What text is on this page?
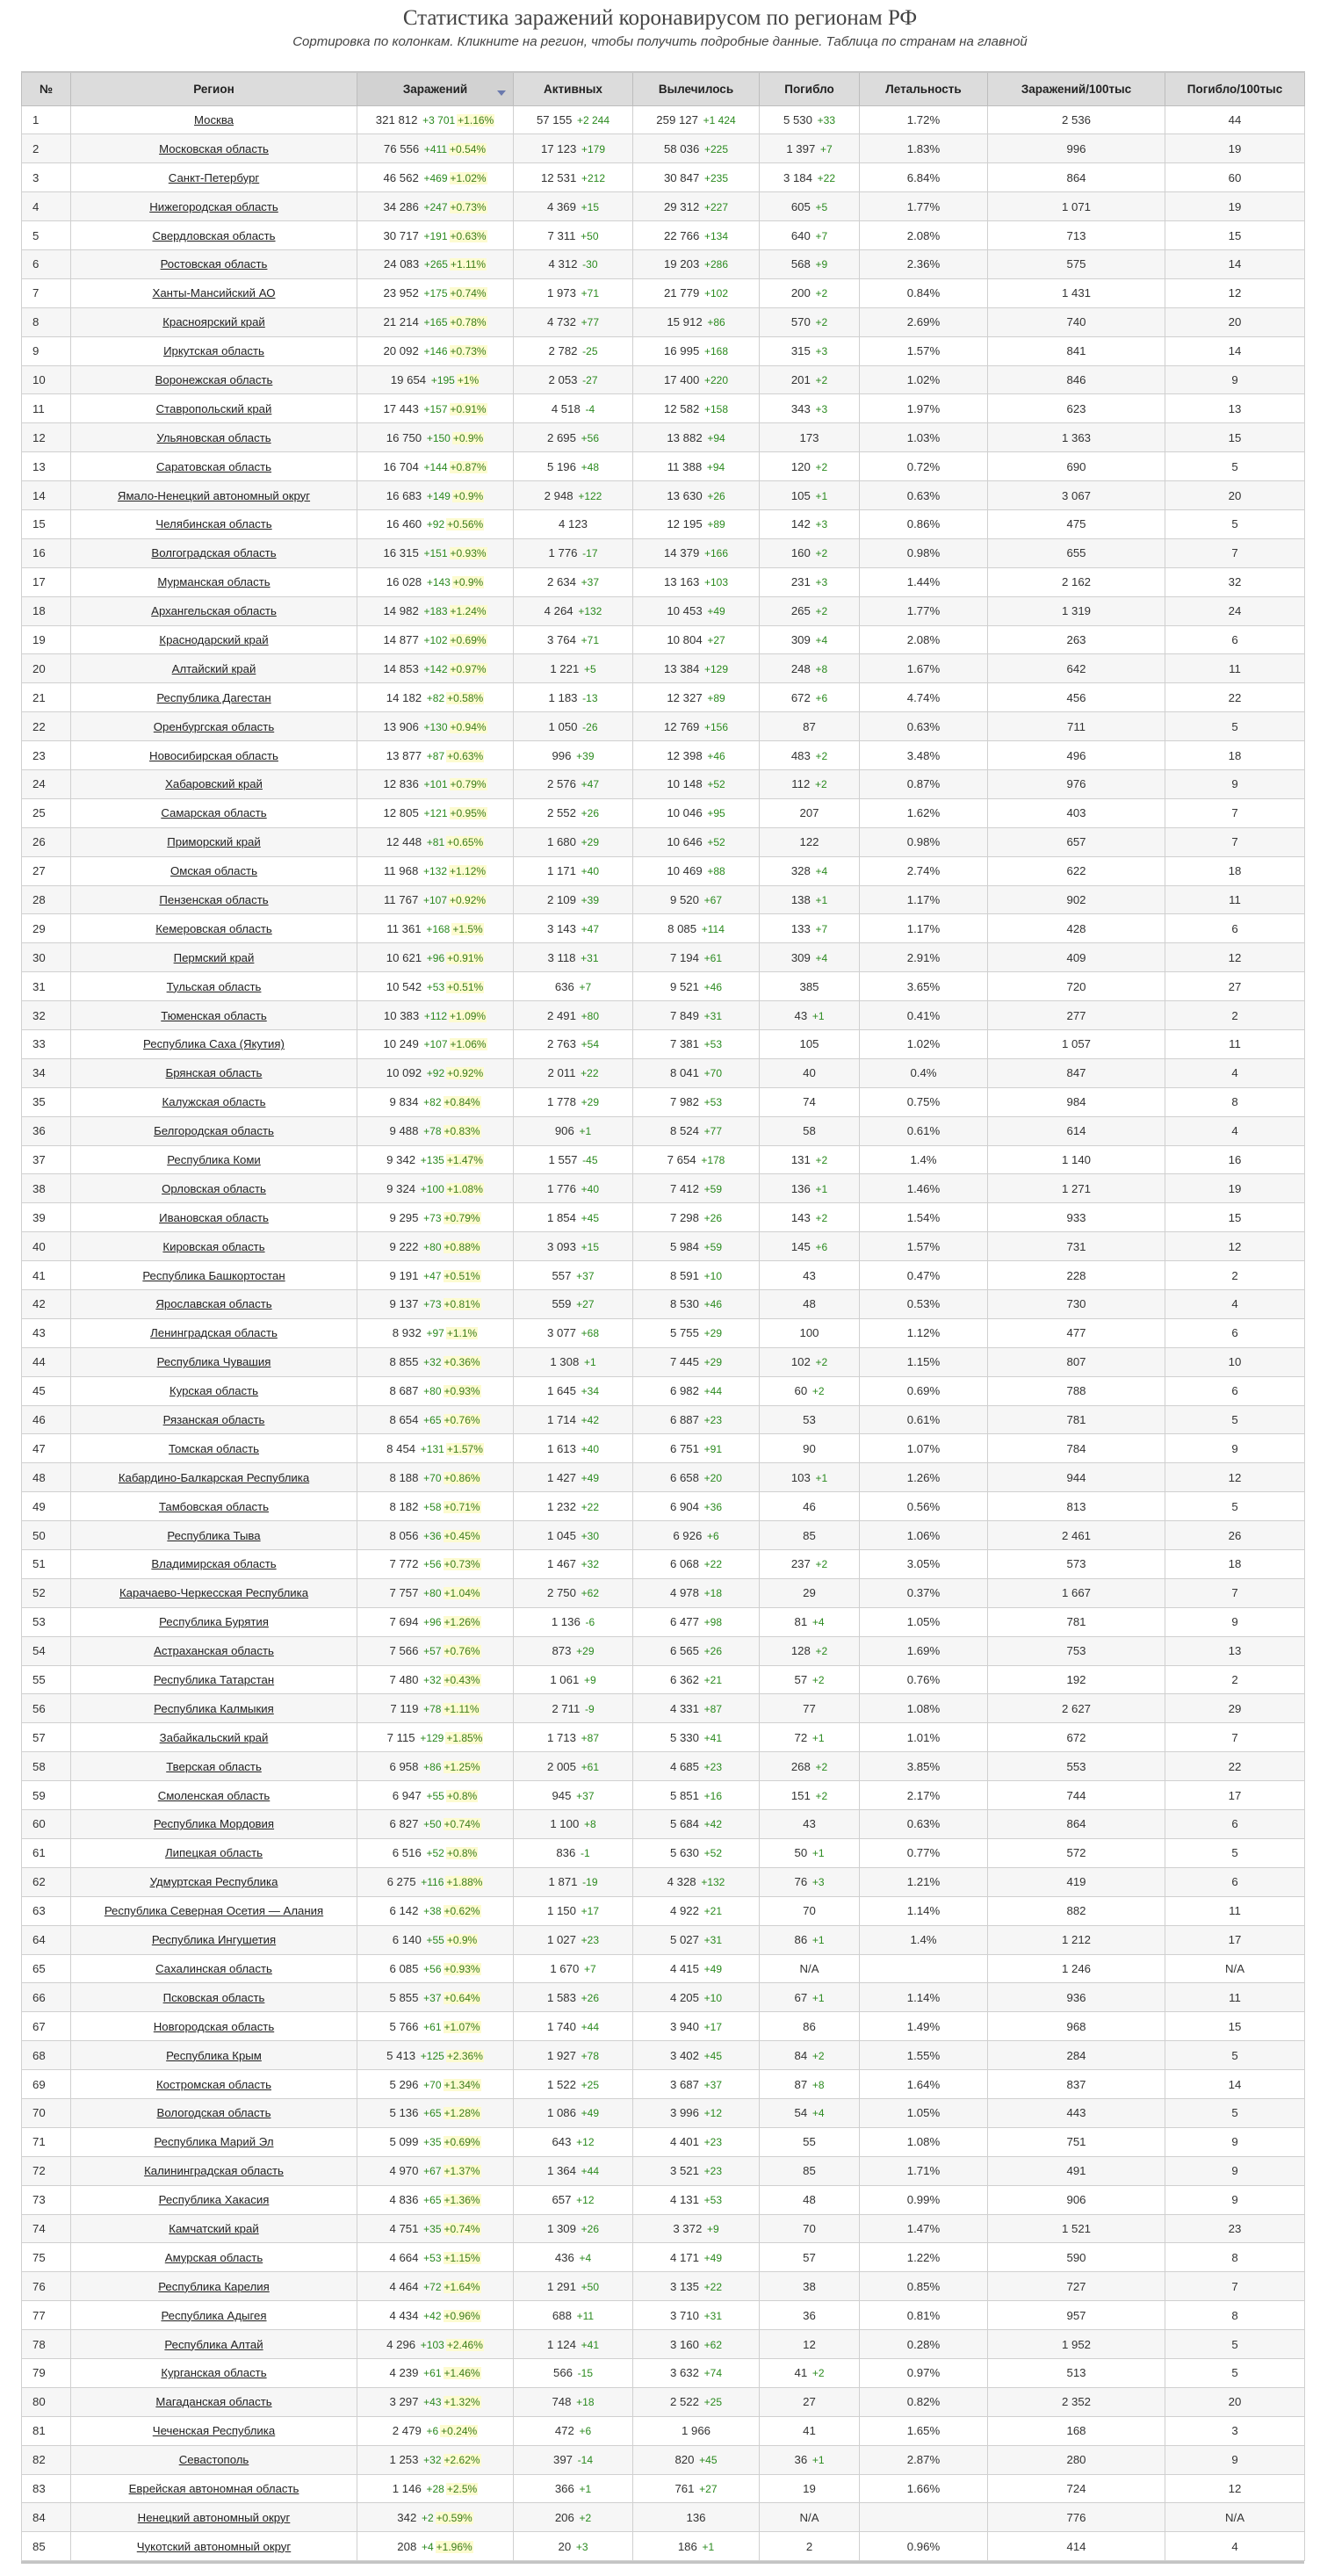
Статистика заражений коронавирусом по регионам РФ
Сортировка по колонкам. Кликните на регион, чтобы получить подробные данные. Таблица по странам на главной
№	Регион	Заражений	Активных	Вылечилось	Погибло	Летальность	Заражений/100тыс	Погибло/100тыс
1	Москва	321 812 +3 701 +1.16%	57 155 +2 244	259 127 +1 424	5 530 +33	1.72%	2 536	44
2	Московская область	76 556 +411 +0.54%	17 123 +179	58 036 +225	1 397 +7	1.83%	996	19
3	Санкт-Петербург	46 562 +469 +1.02%	12 531 +212	30 847 +235	3 184 +22	6.84%	864	60
4	Нижегородская область	34 286 +247 +0.73%	4 369 +15	29 312 +227	605 +5	1.77%	1 071	19
5	Свердловская область	30 717 +191 +0.63%	7 311 +50	22 766 +134	640 +7	2.08%	713	15
6	Ростовская область	24 083 +265 +1.11%	4 312 -30	19 203 +286	568 +9	2.36%	575	14
7	Ханты-Мансийский АО	23 952 +175 +0.74%	1 973 +71	21 779 +102	200 +2	0.84%	1 431	12
8	Красноярский край	21 214 +165 +0.78%	4 732 +77	15 912 +86	570 +2	2.69%	740	20
9	Иркутская область	20 092 +146 +0.73%	2 782 -25	16 995 +168	315 +3	1.57%	841	14
10	Воронежская область	19 654 +195 +1%	2 053 -27	17 400 +220	201 +2	1.02%	846	9
11	Ставропольский край	17 443 +157 +0.91%	4 518 -4	12 582 +158	343 +3	1.97%	623	13
12	Ульяновская область	16 750 +150 +0.9%	2 695 +56	13 882 +94	173	1.03%	1 363	15
13	Саратовская область	16 704 +144 +0.87%	5 196 +48	11 388 +94	120 +2	0.72%	690	5
14	Ямало-Ненецкий автономный округ	16 683 +149 +0.9%	2 948 +122	13 630 +26	105 +1	0.63%	3 067	20
15	Челябинская область	16 460 +92 +0.56%	4 123	12 195 +89	142 +3	0.86%	475	5
16	Волгоградская область	16 315 +151 +0.93%	1 776 -17	14 379 +166	160 +2	0.98%	655	7
17	Мурманская область	16 028 +143 +0.9%	2 634 +37	13 163 +103	231 +3	1.44%	2 162	32
18	Архангельская область	14 982 +183 +1.24%	4 264 +132	10 453 +49	265 +2	1.77%	1 319	24
19	Краснодарский край	14 877 +102 +0.69%	3 764 +71	10 804 +27	309 +4	2.08%	263	6
20	Алтайский край	14 853 +142 +0.97%	1 221 +5	13 384 +129	248 +8	1.67%	642	11
21	Республика Дагестан	14 182 +82 +0.58%	1 183 -13	12 327 +89	672 +6	4.74%	456	22
22	Оренбургская область	13 906 +130 +0.94%	1 050 -26	12 769 +156	87	0.63%	711	5
23	Новосибирская область	13 877 +87 +0.63%	996 +39	12 398 +46	483 +2	3.48%	496	18
24	Хабаровский край	12 836 +101 +0.79%	2 576 +47	10 148 +52	112 +2	0.87%	976	9
25	Самарская область	12 805 +121 +0.95%	2 552 +26	10 046 +95	207	1.62%	403	7
26	Приморский край	12 448 +81 +0.65%	1 680 +29	10 646 +52	122	0.98%	657	7
27	Омская область	11 968 +132 +1.12%	1 171 +40	10 469 +88	328 +4	2.74%	622	18
28	Пензенская область	11 767 +107 +0.92%	2 109 +39	9 520 +67	138 +1	1.17%	902	11
29	Кемеровская область	11 361 +168 +1.5%	3 143 +47	8 085 +114	133 +7	1.17%	428	6
30	Пермский край	10 621 +96 +0.91%	3 118 +31	7 194 +61	309 +4	2.91%	409	12
31	Тульская область	10 542 +53 +0.51%	636 +7	9 521 +46	385	3.65%	720	27
32	Тюменская область	10 383 +112 +1.09%	2 491 +80	7 849 +31	43 +1	0.41%	277	2
33	Республика Саха (Якутия)	10 249 +107 +1.06%	2 763 +54	7 381 +53	105	1.02%	1 057	11
34	Брянская область	10 092 +92 +0.92%	2 011 +22	8 041 +70	40	0.4%	847	4
35	Калужская область	9 834 +82 +0.84%	1 778 +29	7 982 +53	74	0.75%	984	8
36	Белгородская область	9 488 +78 +0.83%	906 +1	8 524 +77	58	0.61%	614	4
37	Республика Коми	9 342 +135 +1.47%	1 557 -45	7 654 +178	131 +2	1.4%	1 140	16
38	Орловская область	9 324 +100 +1.08%	1 776 +40	7 412 +59	136 +1	1.46%	1 271	19
39	Ивановская область	9 295 +73 +0.79%	1 854 +45	7 298 +26	143 +2	1.54%	933	15
40	Кировская область	9 222 +80 +0.88%	3 093 +15	5 984 +59	145 +6	1.57%	731	12
41	Республика Башкортостан	9 191 +47 +0.51%	557 +37	8 591 +10	43	0.47%	228	2
42	Ярославская область	9 137 +73 +0.81%	559 +27	8 530 +46	48	0.53%	730	4
43	Ленинградская область	8 932 +97 +1.1%	3 077 +68	5 755 +29	100	1.12%	477	6
44	Республика Чувашия	8 855 +32 +0.36%	1 308 +1	7 445 +29	102 +2	1.15%	807	10
45	Курская область	8 687 +80 +0.93%	1 645 +34	6 982 +44	60 +2	0.69%	788	6
46	Рязанская область	8 654 +65 +0.76%	1 714 +42	6 887 +23	53	0.61%	781	5
47	Томская область	8 454 +131 +1.57%	1 613 +40	6 751 +91	90	1.07%	784	9
48	Кабардино-Балкарская Республика	8 188 +70 +0.86%	1 427 +49	6 658 +20	103 +1	1.26%	944	12
49	Тамбовская область	8 182 +58 +0.71%	1 232 +22	6 904 +36	46	0.56%	813	5
50	Республика Тыва	8 056 +36 +0.45%	1 045 +30	6 926 +6	85	1.06%	2 461	26
51	Владимирская область	7 772 +56 +0.73%	1 467 +32	6 068 +22	237 +2	3.05%	573	18
52	Карачаево-Черкесская Республика	7 757 +80 +1.04%	2 750 +62	4 978 +18	29	0.37%	1 667	7
53	Республика Бурятия	7 694 +96 +1.26%	1 136 -6	6 477 +98	81 +4	1.05%	781	9
54	Астраханская область	7 566 +57 +0.76%	873 +29	6 565 +26	128 +2	1.69%	753	13
55	Республика Татарстан	7 480 +32 +0.43%	1 061 +9	6 362 +21	57 +2	0.76%	192	2
56	Республика Калмыкия	7 119 +78 +1.11%	2 711 -9	4 331 +87	77	1.08%	2 627	29
57	Забайкальский край	7 115 +129 +1.85%	1 713 +87	5 330 +41	72 +1	1.01%	672	7
58	Тверская область	6 958 +86 +1.25%	2 005 +61	4 685 +23	268 +2	3.85%	553	22
59	Смоленская область	6 947 +55 +0.8%	945 +37	5 851 +16	151 +2	2.17%	744	17
60	Республика Мордовия	6 827 +50 +0.74%	1 100 +8	5 684 +42	43	0.63%	864	6
61	Липецкая область	6 516 +52 +0.8%	836 -1	5 630 +52	50 +1	0.77%	572	5
62	Удмуртская Республика	6 275 +116 +1.88%	1 871 -19	4 328 +132	76 +3	1.21%	419	6
63	Республика Северная Осетия — Алания	6 142 +38 +0.62%	1 150 +17	4 922 +21	70	1.14%	882	11
64	Республика Ингушетия	6 140 +55 +0.9%	1 027 +23	5 027 +31	86 +1	1.4%	1 212	17
65	Сахалинская область	6 085 +56 +0.93%	1 670 +7	4 415 +49	N/A		1 246	N/A
66	Псковская область	5 855 +37 +0.64%	1 583 +26	4 205 +10	67 +1	1.14%	936	11
67	Новгородская область	5 766 +61 +1.07%	1 740 +44	3 940 +17	86	1.49%	968	15
68	Республика Крым	5 413 +125 +2.36%	1 927 +78	3 402 +45	84 +2	1.55%	284	5
69	Костромская область	5 296 +70 +1.34%	1 522 +25	3 687 +37	87 +8	1.64%	837	14
70	Вологодская область	5 136 +65 +1.28%	1 086 +49	3 996 +12	54 +4	1.05%	443	5
71	Республика Марий Эл	5 099 +35 +0.69%	643 +12	4 401 +23	55	1.08%	751	9
72	Калининградская область	4 970 +67 +1.37%	1 364 +44	3 521 +23	85	1.71%	491	9
73	Республика Хакасия	4 836 +65 +1.36%	657 +12	4 131 +53	48	0.99%	906	9
74	Камчатский край	4 751 +35 +0.74%	1 309 +26	3 372 +9	70	1.47%	1 521	23
75	Амурская область	4 664 +53 +1.15%	436 +4	4 171 +49	57	1.22%	590	8
76	Республика Карелия	4 464 +72 +1.64%	1 291 +50	3 135 +22	38	0.85%	727	7
77	Республика Адыгея	4 434 +42 +0.96%	688 +11	3 710 +31	36	0.81%	957	8
78	Республика Алтай	4 296 +103 +2.46%	1 124 +41	3 160 +62	12	0.28%	1 952	5
79	Курганская область	4 239 +61 +1.46%	566 -15	3 632 +74	41 +2	0.97%	513	5
80	Магаданская область	3 297 +43 +1.32%	748 +18	2 522 +25	27	0.82%	2 352	20
81	Чеченская Республика	2 479 +6 +0.24%	472 +6	1 966	41	1.65%	168	3
82	Севастополь	1 253 +32 +2.62%	397 -14	820 +45	36 +1	2.87%	280	9
83	Еврейская автономная область	1 146 +28 +2.5%	366 +1	761 +27	19	1.66%	724	12
84	Ненецкий автономный округ	342 +2 +0.59%	206 +2	136	N/A		776	N/A
85	Чукотский автономный округ	208 +4 +1.96%	20 +3	186 +1	2	0.96%	414	4
